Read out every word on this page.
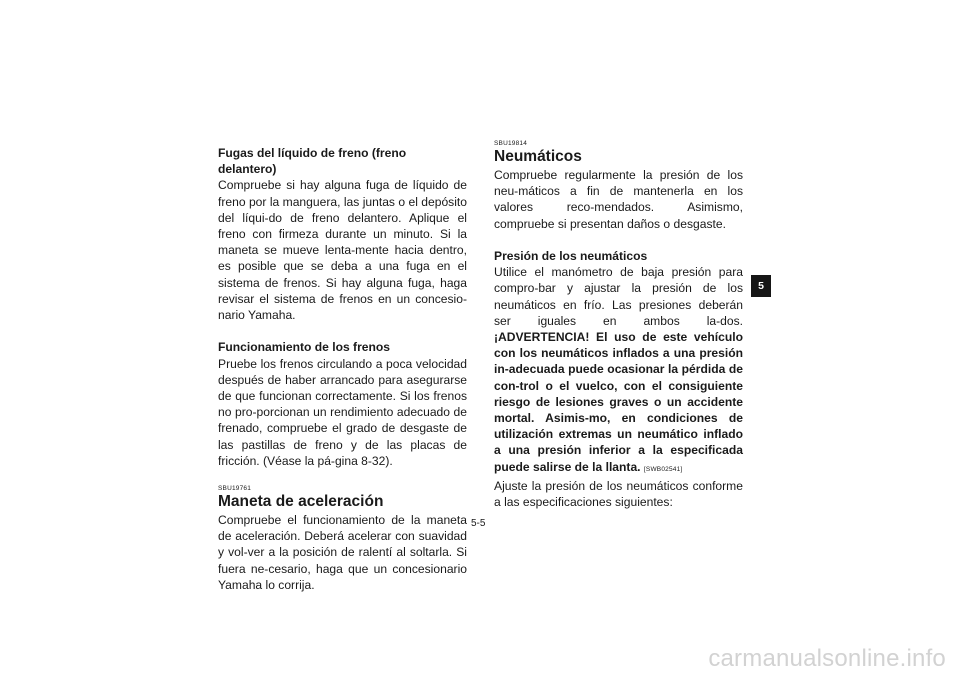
Fugas del líquido de freno (freno delantero)

Compruebe si hay alguna fuga de líquido de freno por la manguera, las juntas o el depósito del líqui-do de freno delantero. Aplique el freno con firmeza durante un minuto. Si la maneta se mueve lenta-mente hacia dentro, es posible que se deba a una fuga en el sistema de frenos. Si hay alguna fuga, haga revisar el sistema de frenos en un concesio-nario Yamaha.

Funcionamiento de los frenos

Pruebe los frenos circulando a poca velocidad después de haber arrancado para asegurarse de que funcionan correctamente. Si los frenos no pro-porcionan un rendimiento adecuado de frenado, compruebe el grado de desgaste de las pastillas de freno y de las placas de fricción. (Véase la pá-gina 8-32).

SBU19761

Maneta de aceleración

Compruebe el funcionamiento de la maneta de aceleración. Deberá acelerar con suavidad y vol-ver a la posición de ralentí al soltarla. Si fuera ne-cesario, haga que un concesionario Yamaha lo corrija.

SBU19814

Neumáticos

Compruebe regularmente la presión de los neu-máticos a fin de mantenerla en los valores reco-mendados. Asimismo, compruebe si presentan daños o desgaste.

Presión de los neumáticos

Utilice el manómetro de baja presión para compro-bar y ajustar la presión de los neumáticos en frío. Las presiones deberán ser iguales en ambos la-dos. ¡ADVERTENCIA! El uso de este vehículo con los neumáticos inflados a una presión in-adecuada puede ocasionar la pérdida de con-trol o el vuelco, con el consiguiente riesgo de lesiones graves o un accidente mortal. Asimis-mo, en condiciones de utilización extremas un neumático inflado a una presión inferior a la especificada puede salirse de la llanta. [SWB02541]

Ajuste la presión de los neumáticos conforme a las especificaciones siguientes:

5-5
5
carmanualsonline.info
